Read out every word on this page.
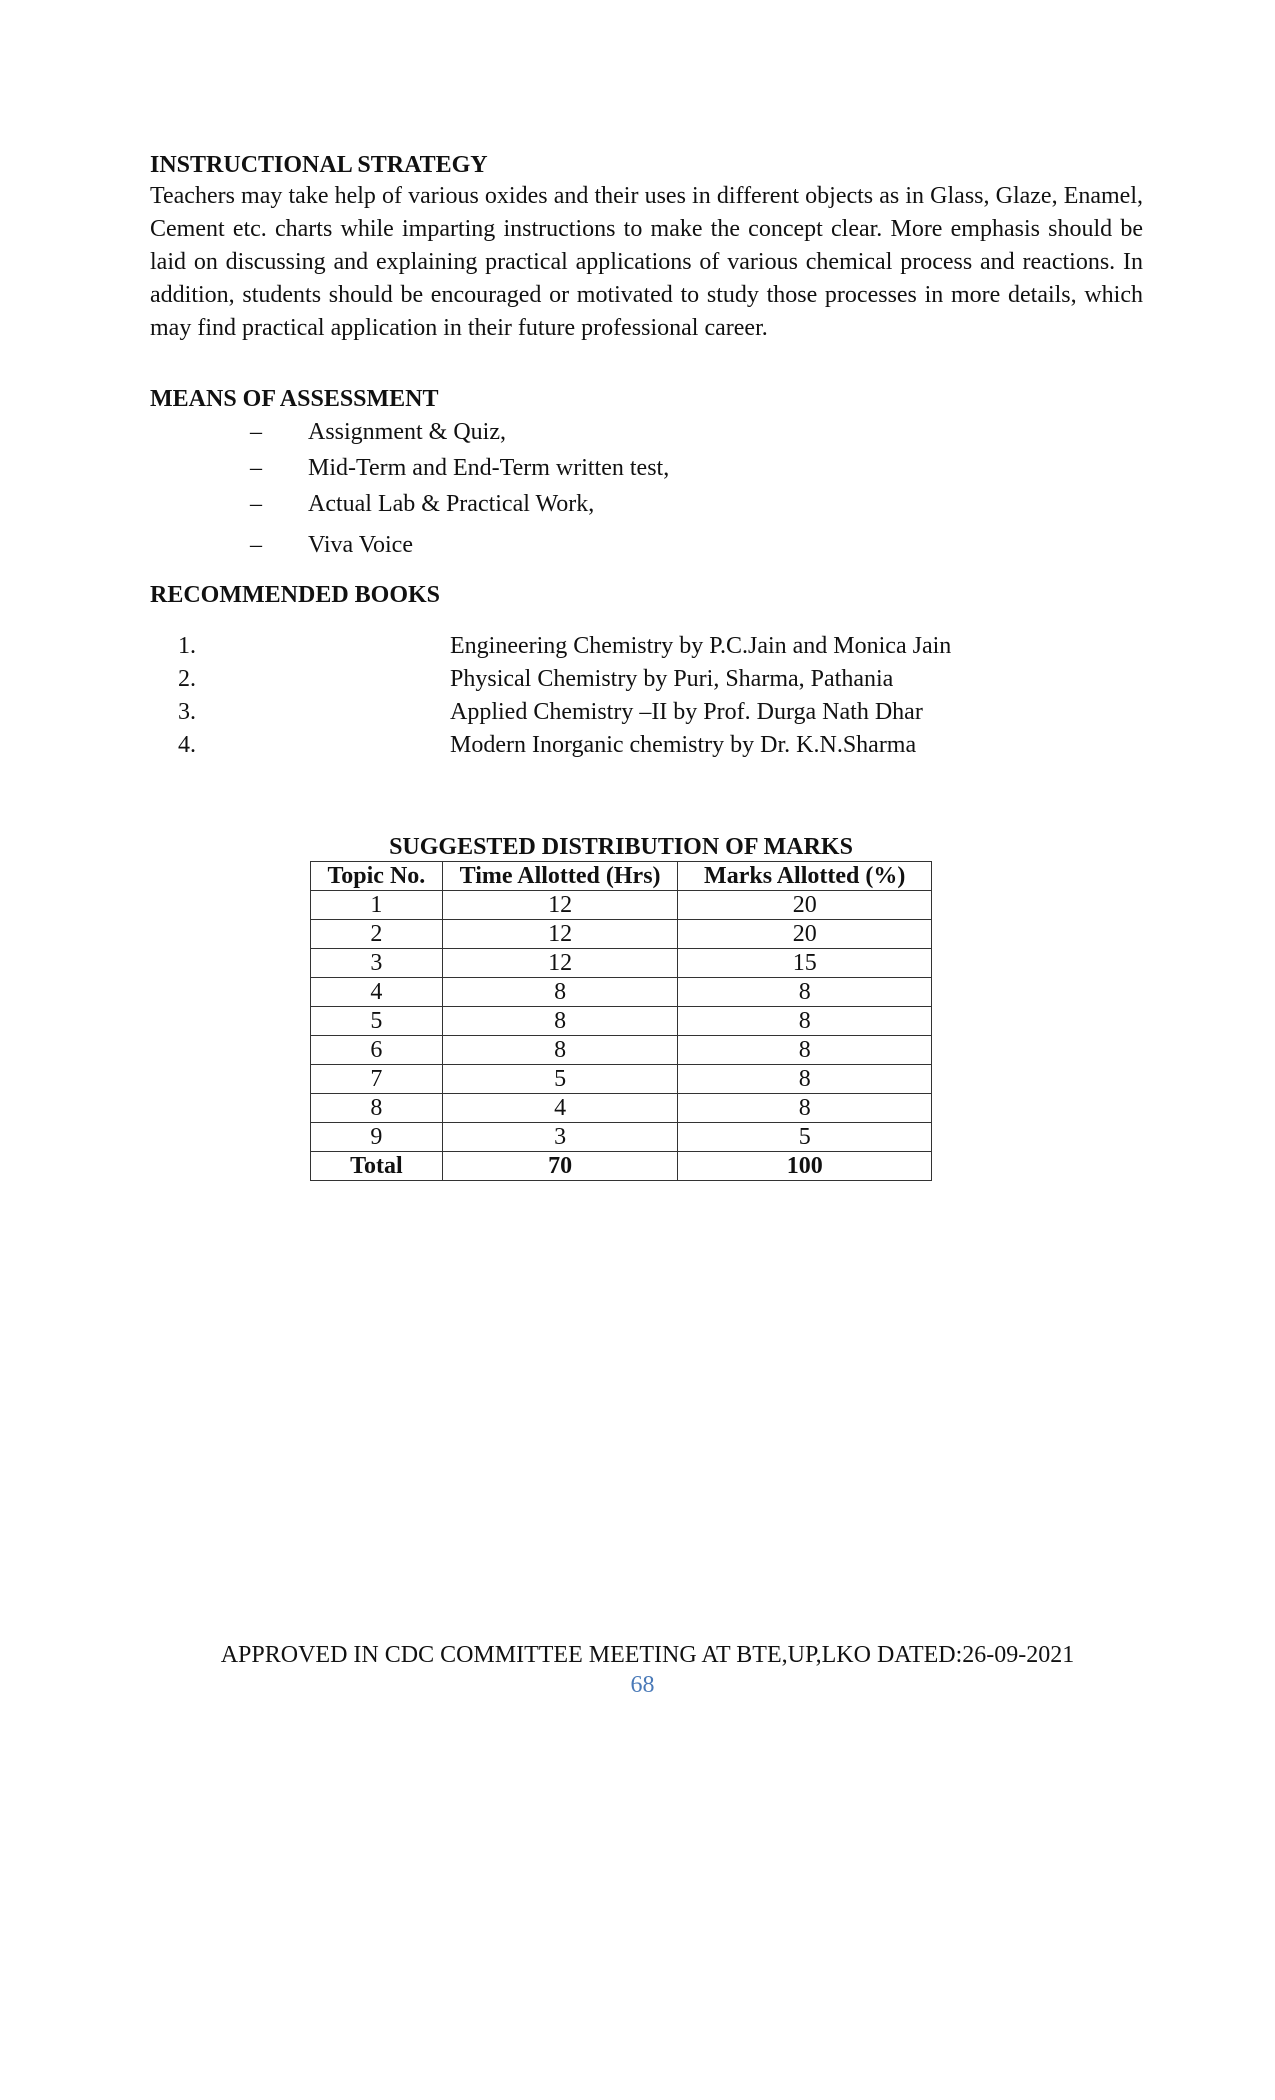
INSTRUCTIONAL STRATEGY

Teachers may take help of various oxides and their uses in different objects as in Glass, Glaze, Enamel, Cement etc. charts while imparting instructions to make the concept clear. More emphasis should be laid on discussing and explaining practical applications of various chemical process and reactions. In addition, students should be encouraged or motivated to study those processes in more details, which may find practical application in their future professional career.

MEANS OF ASSESSMENT
– Assignment & Quiz,
– Mid-Term and End-Term written test,
– Actual Lab & Practical Work,
– Viva Voice
RECOMMENDED BOOKS
1.	Engineering Chemistry by P.C.Jain and Monica Jain
2.	Physical Chemistry by Puri, Sharma, Pathania
3.	Applied Chemistry –II by Prof. Durga Nath Dhar
4.	Modern Inorganic chemistry by Dr. K.N.Sharma
SUGGESTED DISTRIBUTION OF MARKS
Topic No.	Time Allotted (Hrs)	Marks Allotted (%)
1	12	20
2	12	20
3	12	15
4	8	8
5	8	8
6	8	8
7	5	8
8	4	8
9	3	5
Total	70	100

APPROVED IN CDC COMMITTEE MEETING AT BTE,UP,LKO DATED:26-09-2021

68
